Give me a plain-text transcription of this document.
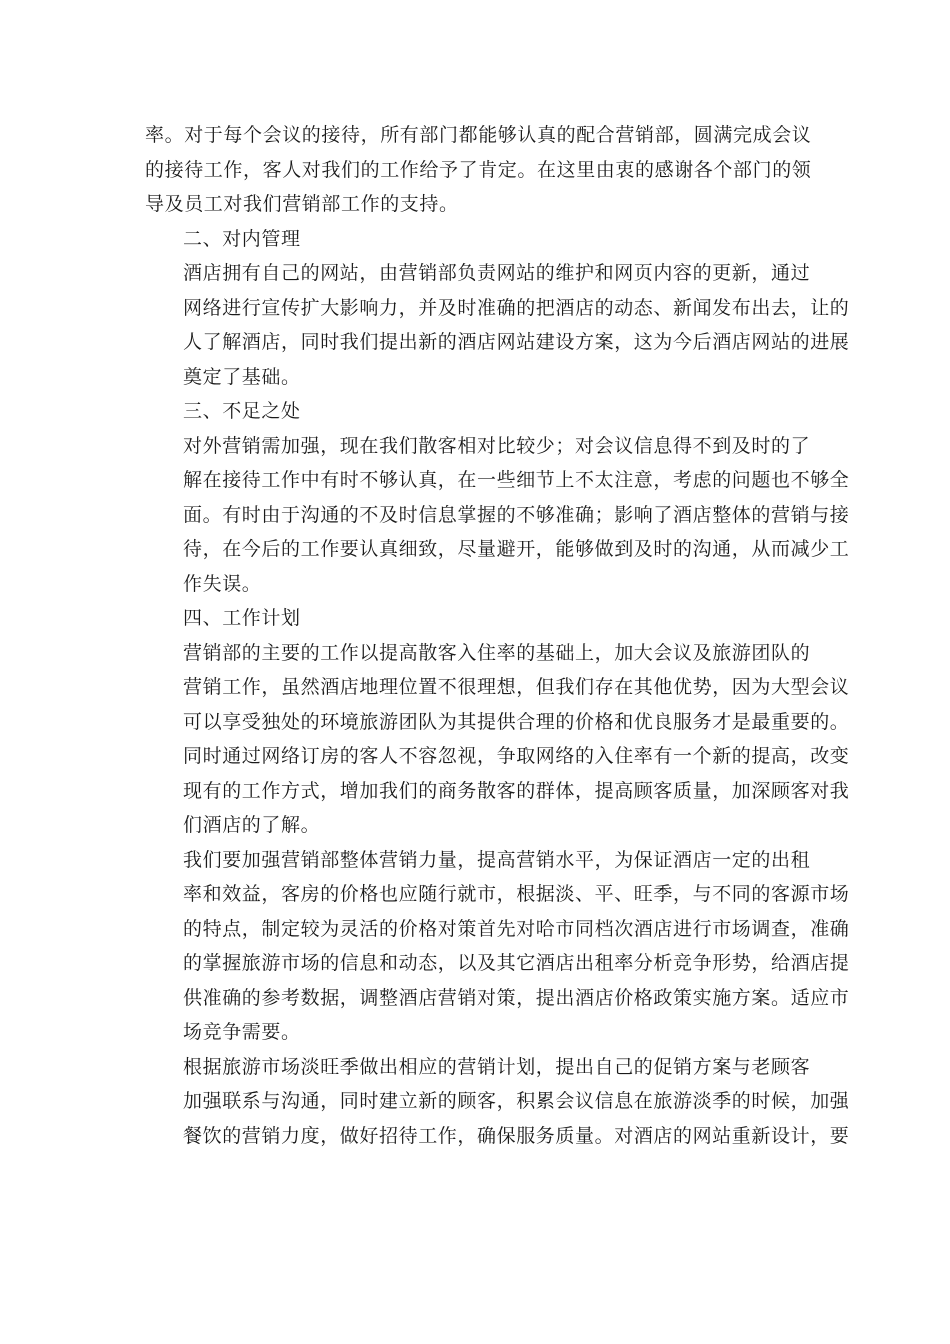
率。对于每个会议的接待，所有部门都能够认真的配合营销部，圆满完成会议
的接待工作，客人对我们的工作给予了肯定。在这里由衷的感谢各个部门的领
导及员工对我们营销部工作的支持。
二、对内管理
酒店拥有自己的网站，由营销部负责网站的维护和网页内容的更新，通过
网络进行宣传扩大影响力，并及时准确的把酒店的动态、新闻发布出去，让的
人了解酒店，同时我们提出新的酒店网站建设方案，这为今后酒店网站的进展
奠定了基础。
三、不足之处
对外营销需加强，现在我们散客相对比较少；对会议信息得不到及时的了
解在接待工作中有时不够认真，在一些细节上不太注意，考虑的问题也不够全
面。有时由于沟通的不及时信息掌握的不够准确；影响了酒店整体的营销与接
待，在今后的工作要认真细致，尽量避开，能够做到及时的沟通，从而减少工
作失误。
四、工作计划
营销部的主要的工作以提高散客入住率的基础上，加大会议及旅游团队的
营销工作，虽然酒店地理位置不很理想，但我们存在其他优势，因为大型会议
可以享受独处的环境旅游团队为其提供合理的价格和优良服务才是最重要的。
同时通过网络订房的客人不容忽视，争取网络的入住率有一个新的提高，改变
现有的工作方式，增加我们的商务散客的群体，提高顾客质量，加深顾客对我
们酒店的了解。
我们要加强营销部整体营销力量，提高营销水平，为保证酒店一定的出租
率和效益，客房的价格也应随行就市，根据淡、平、旺季，与不同的客源市场
的特点，制定较为灵活的价格对策首先对哈市同档次酒店进行市场调查，准确
的掌握旅游市场的信息和动态，以及其它酒店出租率分析竞争形势，给酒店提
供准确的参考数据，调整酒店营销对策，提出酒店价格政策实施方案。适应市
场竞争需要。
根据旅游市场淡旺季做出相应的营销计划，提出自己的促销方案与老顾客
加强联系与沟通，同时建立新的顾客，积累会议信息在旅游淡季的时候，加强
餐饮的营销力度，做好招待工作，确保服务质量。对酒店的网站重新设计，要
